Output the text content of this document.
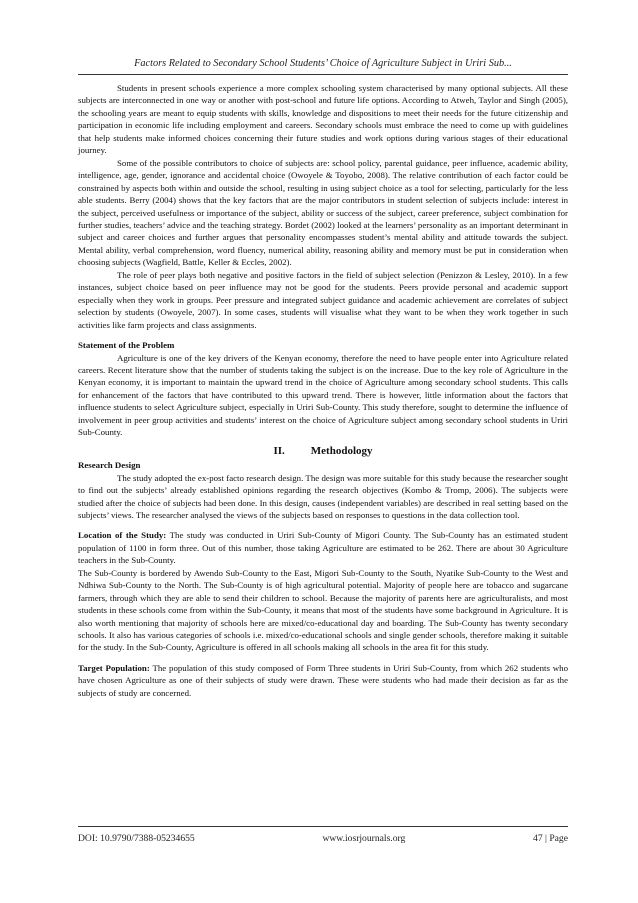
Factors Related to Secondary School Students’ Choice of Agriculture Subject in Uriri Sub...

Students in present schools experience a more complex schooling system characterised by many optional subjects. All these subjects are interconnected in one way or another with post-school and future life options. According to Atweh, Taylor and Singh (2005), the schooling years are meant to equip students with skills, knowledge and dispositions to meet their needs for the future citizenship and participation in economic life including employment and careers. Secondary schools must embrace the need to come up with guidelines that help students make informed choices concerning their future studies and work options during various stages of their educational journey.

Some of the possible contributors to choice of subjects are: school policy, parental guidance, peer influence, academic ability, intelligence, age, gender, ignorance and accidental choice (Owoyele & Toyobo, 2008). The relative contribution of each factor could be constrained by aspects both within and outside the school, resulting in using subject choice as a tool for selecting, particularly for the less able students. Berry (2004) shows that the key factors that are the major contributors in student selection of subjects include: interest in the subject, perceived usefulness or importance of the subject, ability or success of the subject, career preference, subject combination for further studies, teachers’ advice and the teaching strategy. Bordet (2002) looked at the learners’ personality as an important determinant in subject and career choices and further argues that personality encompasses student’s mental ability and attitude towards the subject. Mental ability, verbal comprehension, word fluency, numerical ability, reasoning ability and memory must be put in consideration when choosing subjects (Wagfield, Battle, Keller & Eccles, 2002).

The role of peer plays both negative and positive factors in the field of subject selection (Penizzon & Lesley, 2010). In a few instances, subject choice based on peer influence may not be good for the students. Peers provide personal and academic support especially when they work in groups. Peer pressure and integrated subject guidance and academic achievement are correlates of subject selection by students (Owoyele, 2007). In some cases, students will visualise what they want to be when they work together in such activities like farm projects and class assignments.

Statement of the Problem

Agriculture is one of the key drivers of the Kenyan economy, therefore the need to have people enter into Agriculture related careers. Recent literature show that the number of students taking the subject is on the increase. Due to the key role of Agriculture in the Kenyan economy, it is important to maintain the upward trend in the choice of Agriculture among secondary school students. This calls for enhancement of the factors that have contributed to this upward trend. There is however, little information about the factors that influence students to select Agriculture subject, especially in Uriri Sub-County. This study therefore, sought to determine the influence of involvement in peer group activities and students’ interest on the choice of Agriculture subject among secondary school students in Uriri Sub-County.

II. Methodology

Research Design

The study adopted the ex-post facto research design. The design was more suitable for this study because the researcher sought to find out the subjects’ already established opinions regarding the research objectives (Kombo & Tromp, 2006). The subjects were studied after the choice of subjects had been done. In this design, causes (independent variables) are described in real setting based on the subjects’ views. The researcher analysed the views of the subjects based on responses to questions in the data collection tool.

Location of the Study: The study was conducted in Uriri Sub-County of Migori County. The Sub-County has an estimated student population of 1100 in form three. Out of this number, those taking Agriculture are estimated to be 262. There are about 30 Agriculture teachers in the Sub-County.

The Sub-County is bordered by Awendo Sub-County to the East, Migori Sub-County to the South, Nyatike Sub-County to the West and Ndhiwa Sub-County to the North. The Sub-County is of high agricultural potential. Majority of people here are tobacco and sugarcane farmers, through which they are able to send their children to school. Because the majority of parents here are agriculturalists, and most students in these schools come from within the Sub-County, it means that most of the students have some background in Agriculture. It is also worth mentioning that majority of schools here are mixed/co-educational day and boarding. The Sub-County has twenty secondary schools. It also has various categories of schools i.e. mixed/co-educational schools and single gender schools, therefore making it suitable for the study. In the Sub-County, Agriculture is offered in all schools making all schools in the area fit for this study.

Target Population: The population of this study composed of Form Three students in Uriri Sub-County, from which 262 students who have chosen Agriculture as one of their subjects of study were drawn. These were students who had made their decision as far as the subjects of study are concerned.

DOI: 10.9790/7388-05234655	www.iosrjournals.org	47 | Page
